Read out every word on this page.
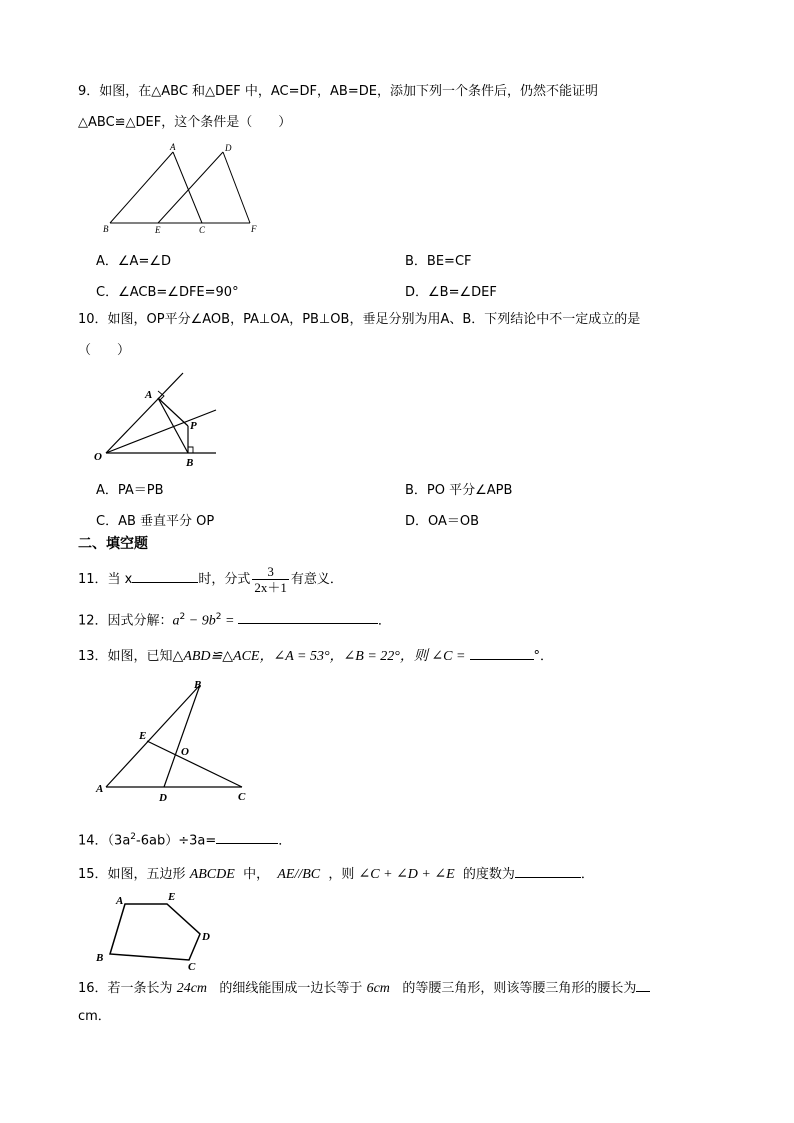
9．如图，在△ABC 和△DEF 中，AC=DF，AB=DE，添加下列一个条件后，仍然不能证明
△ABC≌△DEF，这个条件是（　　）
A	D
B	E	C	F
A．∠A=∠D	B．BE=CF
C．∠ACB=∠DFE=90°	D．∠B=∠DEF
10．如图，OP平分∠AOB，PA⊥OA，PB⊥OB，垂足分别为用A、B．下列结论中不一定成立的是
（　　）
A
P
O	B
A．PA＝PB	B．PO 平分∠APB
C．AB 垂直平分 OP	D．OA＝OB
二、填空题
11．当 x	时，分式 $\frac{3}{2x+1}$ 有意义．
12．因式分解：$a^2 - 9b^2$ =	．
13．如图，已知△ABD≌△ACE，∠A = 53°，∠B = 22°，则 ∠C =	°．
B
E
O
A
D	C
14．$(3a^2-6ab)\div 3a=$	．
15．如图，五边形 ABCDE 中， AE//BC ，则 ∠C + ∠D + ∠E 的度数为	．
A	E
D
B
C
16．若一条长为 24cm 的细线能围成一边长等于 6cm 的等腰三角形，则该等腰三角形的腰长为
cm．
